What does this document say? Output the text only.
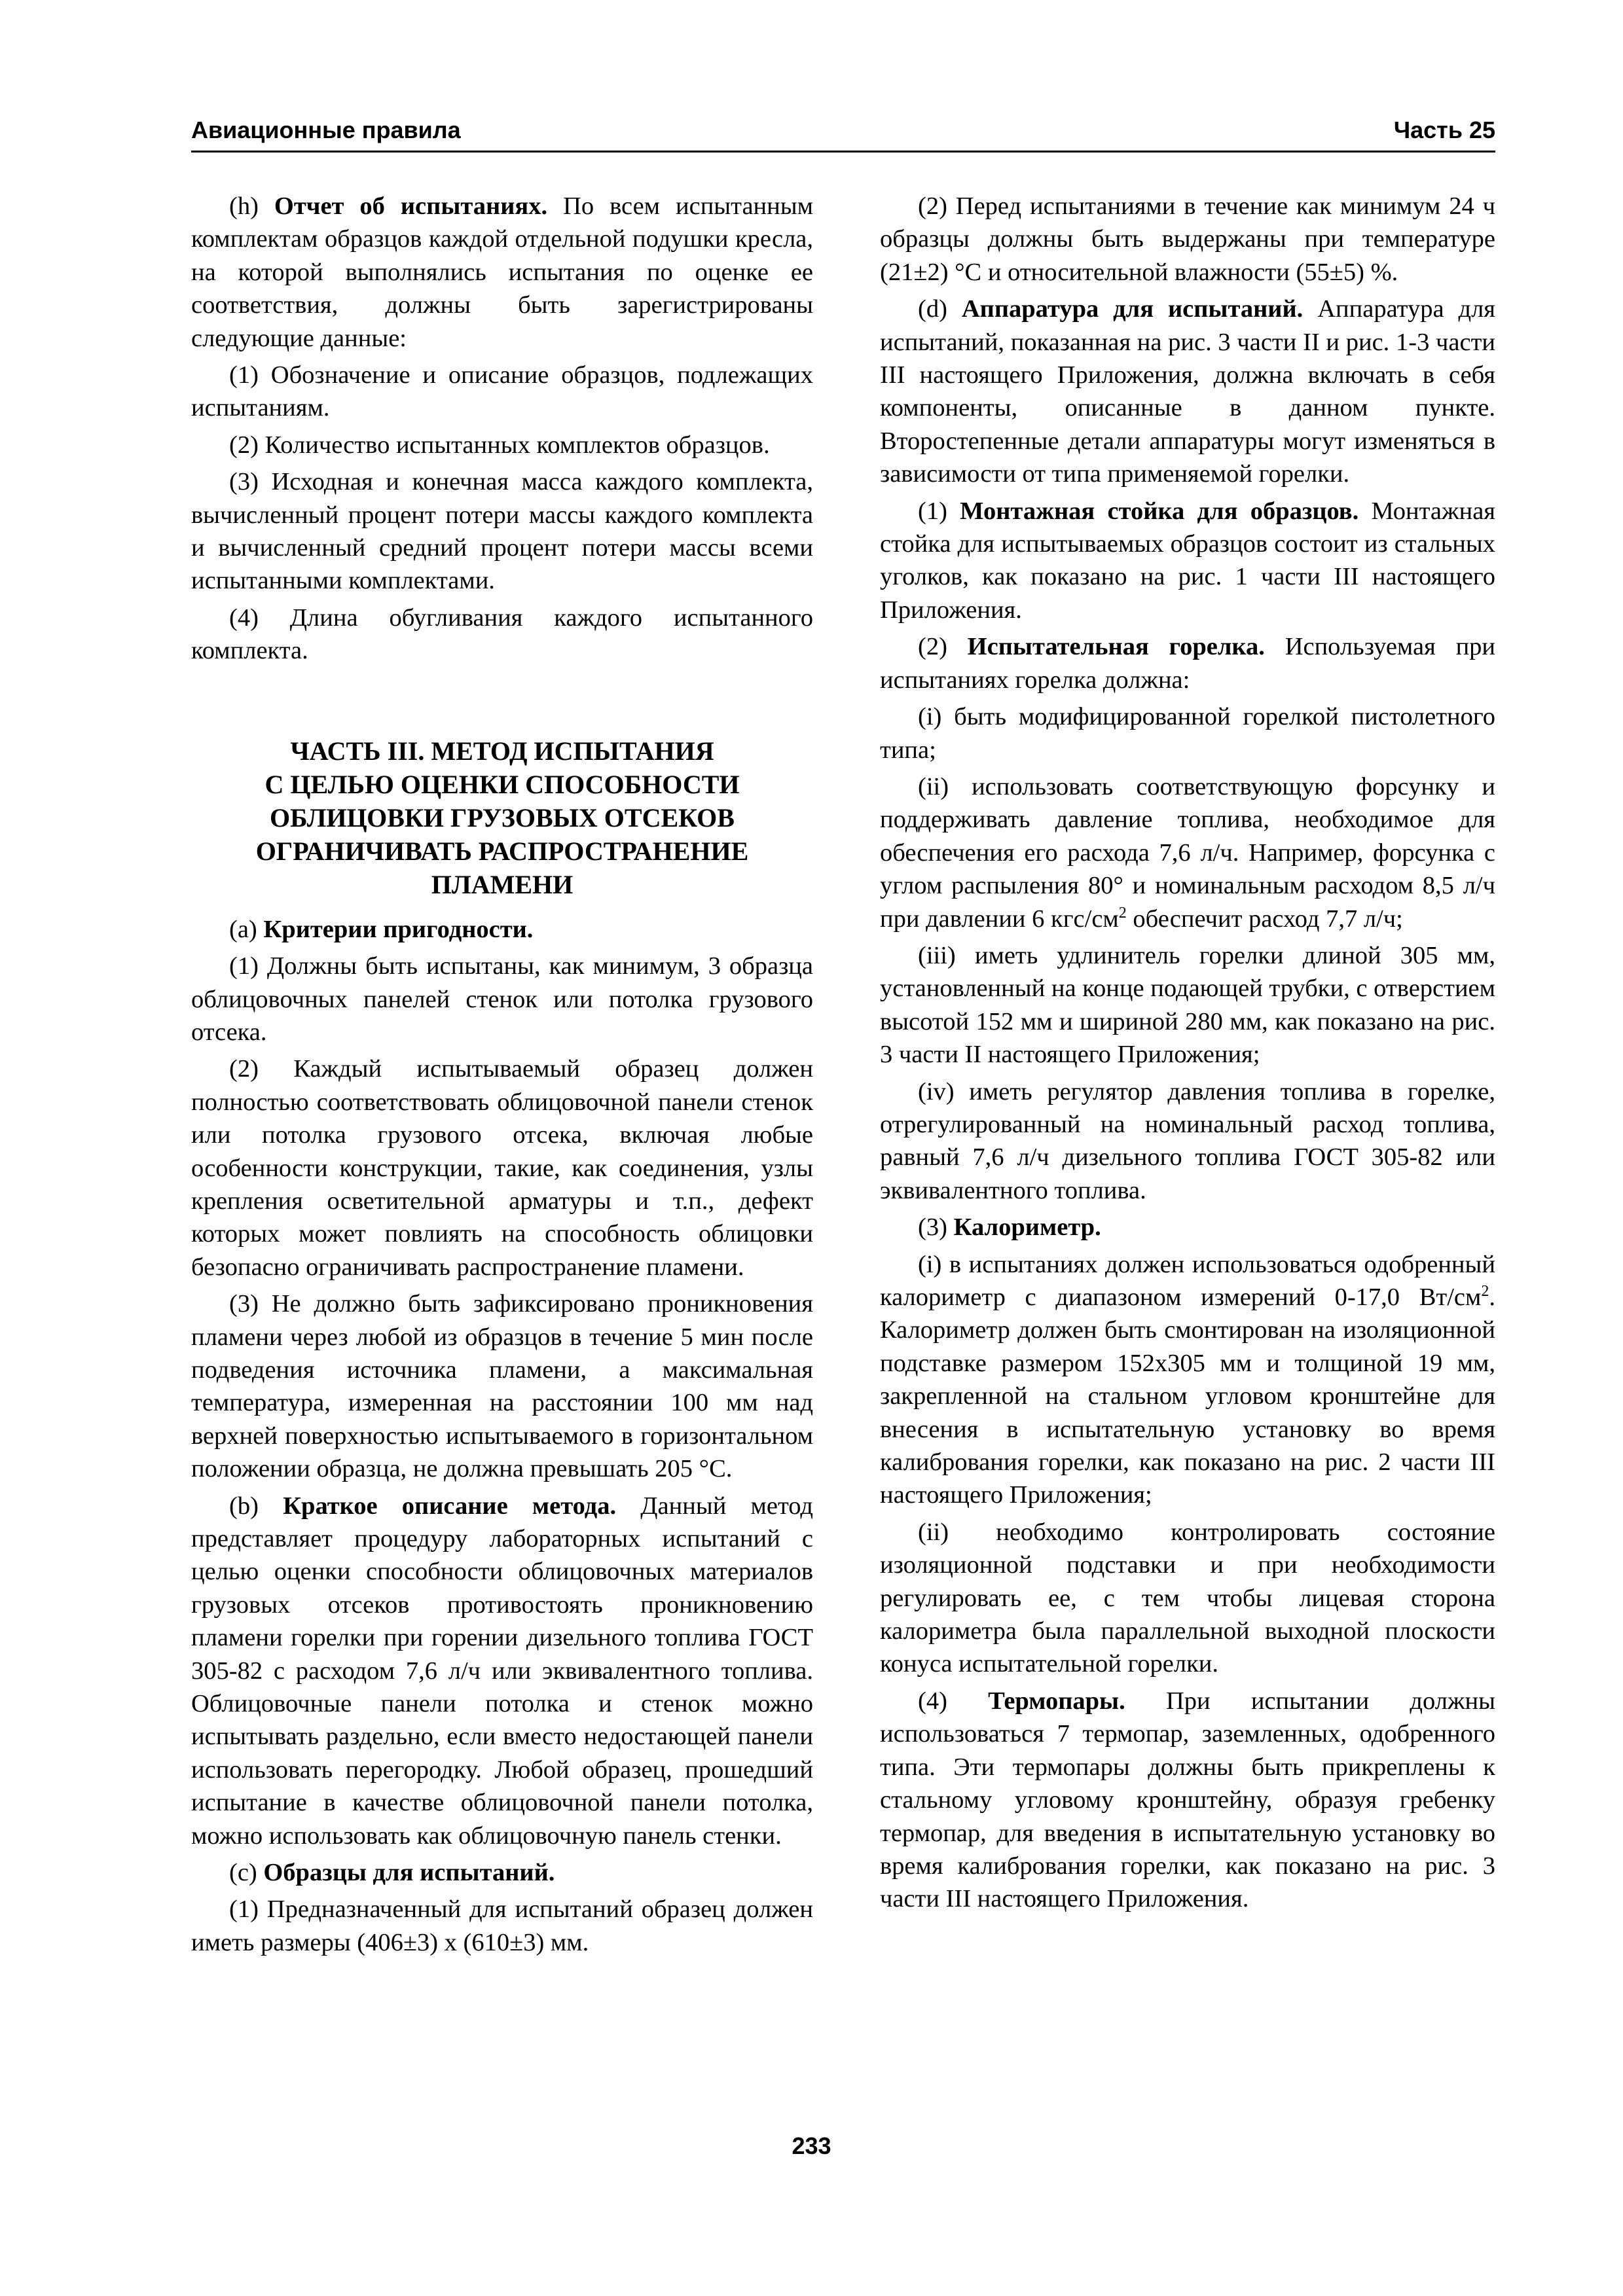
Авиационные правила	Часть 25

(h) Отчет об испытаниях. По всем испытанным комплектам образцов каждой отдельной подушки кресла, на которой выполнялись испытания по оценке ее соответствия, должны быть зарегистрированы следующие данные:

(1) Обозначение и описание образцов, подлежащих испытаниям.

(2) Количество испытанных комплектов образцов.

(3) Исходная и конечная масса каждого комплекта, вычисленный процент потери массы каждого комплекта и вычисленный средний процент потери массы всеми испытанными комплектами.

(4) Длина обугливания каждого испытанного комплекта.

ЧАСТЬ III. МЕТОД ИСПЫТАНИЯ
С ЦЕЛЬЮ ОЦЕНКИ СПОСОБНОСТИ
ОБЛИЦОВКИ ГРУЗОВЫХ ОТСЕКОВ
ОГРАНИЧИВАТЬ РАСПРОСТРАНЕНИЕ
ПЛАМЕНИ

(a) Критерии пригодности.

(1) Должны быть испытаны, как минимум, 3 образца облицовочных панелей стенок или потолка грузового отсека.

(2) Каждый испытываемый образец должен полностью соответствовать облицовочной панели стенок или потолка грузового отсека, включая любые особенности конструкции, такие, как соединения, узлы крепления осветительной арматуры и т.п., дефект которых может повлиять на способность облицовки безопасно ограничивать распространение пламени.

(3) Не должно быть зафиксировано проникновения пламени через любой из образцов в течение 5 мин после подведения источника пламени, а максимальная температура, измеренная на расстоянии 100 мм над верхней поверхностью испытываемого в горизонтальном положении образца, не должна превышать 205 °С.

(b) Краткое описание метода. Данный метод представляет процедуру лабораторных испытаний с целью оценки способности облицовочных материалов грузовых отсеков противостоять проникновению пламени горелки при горении дизельного топлива ГОСТ 305-82 с расходом 7,6 л/ч или эквивалентного топлива. Облицовочные панели потолка и стенок можно испытывать раздельно, если вместо недостающей панели использовать перегородку. Любой образец, прошедший испытание в качестве облицовочной панели потолка, можно использовать как облицовочную панель стенки.

(c) Образцы для испытаний.

(1) Предназначенный для испытаний образец должен иметь размеры (406±3) х (610±3) мм.

(2) Перед испытаниями в течение как минимум 24 ч образцы должны быть выдержаны при температуре (21±2) °С и относительной влажности (55±5) %.

(d) Аппаратура для испытаний. Аппаратура для испытаний, показанная на рис. 3 части II и рис. 1-3 части III настоящего Приложения, должна включать в себя компоненты, описанные в данном пункте. Второстепенные детали аппаратуры могут изменяться в зависимости от типа применяемой горелки.

(1) Монтажная стойка для образцов. Монтажная стойка для испытываемых образцов состоит из стальных уголков, как показано на рис. 1 части III настоящего Приложения.

(2) Испытательная горелка. Используемая при испытаниях горелка должна:

(i) быть модифицированной горелкой пистолетного типа;

(ii) использовать соответствующую форсунку и поддерживать давление топлива, необходимое для обеспечения его расхода 7,6 л/ч. Например, форсунка с углом распыления 80° и номинальным расходом 8,5 л/ч при давлении 6 кгс/$см^2$ обеспечит расход 7,7 л/ч;

(iii) иметь удлинитель горелки длиной 305 мм, установленный на конце подающей трубки, с отверстием высотой 152 мм и шириной 280 мм, как показано на рис. 3 части II настоящего Приложения;

(iv) иметь регулятор давления топлива в горелке, отрегулированный на номинальный расход топлива, равный 7,6 л/ч дизельного топлива ГОСТ 305-82 или эквивалентного топлива.

(3) Калориметр.

(i) в испытаниях должен использоваться одобренный калориметр с диапазоном измерений 0-17,0 $Вт/см^2$. Калориметр должен быть смонтирован на изоляционной подставке размером 152х305 мм и толщиной 19 мм, закрепленной на стальном угловом кронштейне для внесения в испытательную установку во время калибрования горелки, как показано на рис. 2 части III настоящего Приложения;

(ii) необходимо контролировать состояние изоляционной подставки и при необходимости регулировать ее, с тем чтобы лицевая сторона калориметра была параллельной выходной плоскости конуса испытательной горелки.

(4) Термопары. При испытании должны использоваться 7 термопар, заземленных, одобренного типа. Эти термопары должны быть прикреплены к стальному угловому кронштейну, образуя гребенку термопар, для введения в испытательную установку во время калибрования горелки, как показано на рис. 3 части III настоящего Приложения.

233
